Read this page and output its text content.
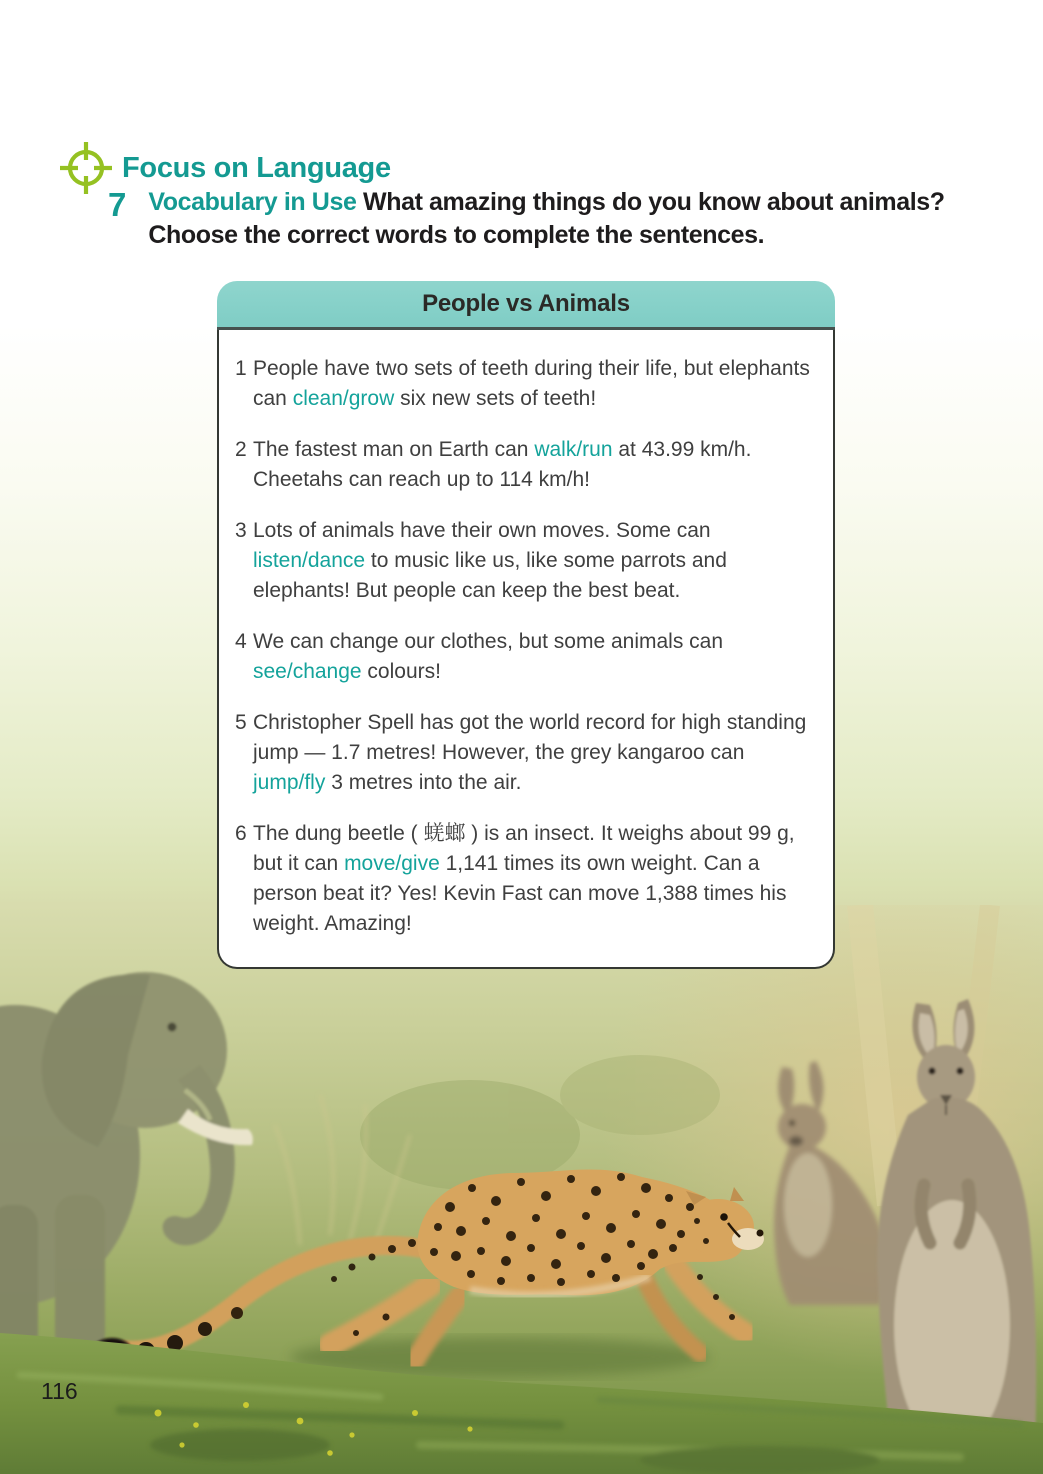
Focus on Language
7 Vocabulary in Use What amazing things do you know about animals?
Choose the correct words to complete the sentences.
People vs Animals

1 People have two sets of teeth during their life, but elephants can clean/grow six new sets of teeth!

2 The fastest man on Earth can walk/run at 43.99 km/h. Cheetahs can reach up to 114 km/h!

3 Lots of animals have their own moves. Some can listen/dance to music like us, like some parrots and elephants! But people can keep the best beat.

4 We can change our clothes, but some animals can see/change colours!

5 Christopher Spell has got the world record for high standing jump — 1.7 metres! However, the grey kangaroo can jump/fly 3 metres into the air.

6 The dung beetle ( 蜣螂 ) is an insect. It weighs about 99 g, but it can move/give 1,141 times its own weight. Can a person beat it? Yes! Kevin Fast can move 1,388 times his weight. Amazing!

116
